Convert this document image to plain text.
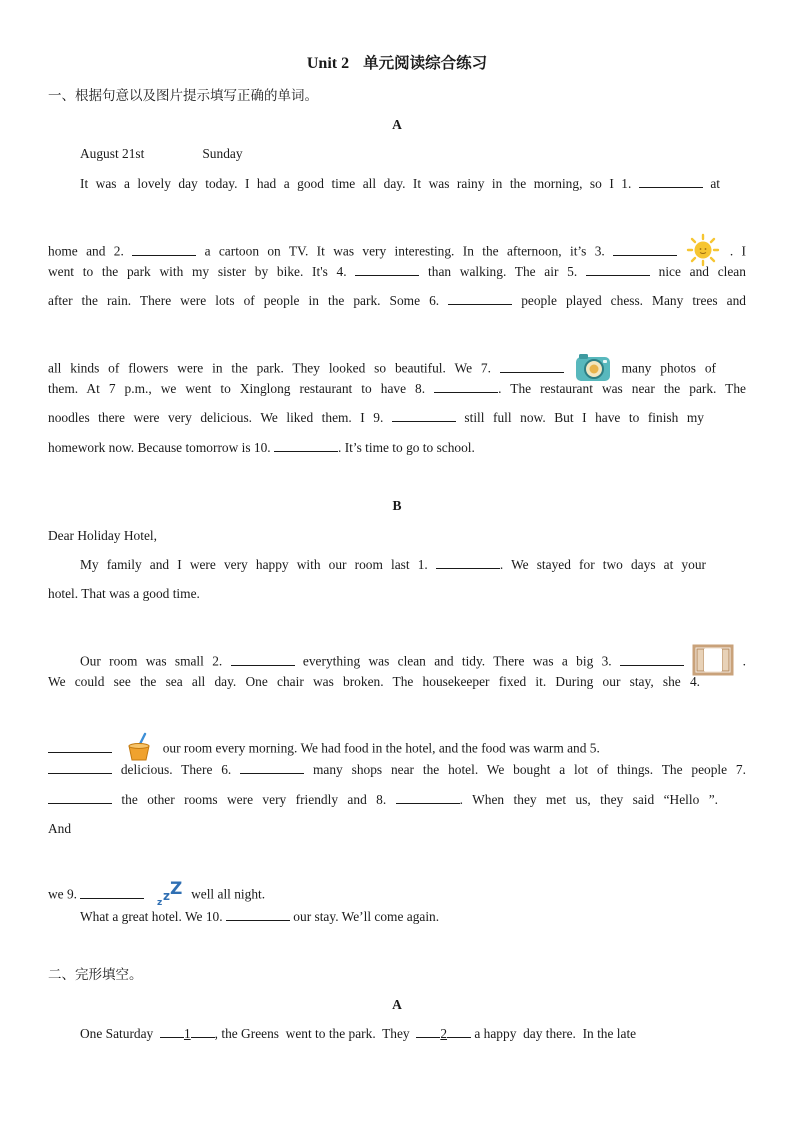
Unit 2 单元阅读综合练习
一、根据句意以及图片提示填写正确的单词。
A
August 21st	Sunday
It was a lovely day today. I had a good time all day. It was rainy in the morning, so I 1.	at
home and 2.	a cartoon on TV. It was very interesting. In the afternoon, it’s 3.	. I
went to the park with my sister by bike. It's 4.	than walking. The air 5.	nice and clean
after the rain. There were lots of people in the park. Some 6.	people played chess. Many trees and
all kinds of flowers were in the park. They looked so beautiful. We 7.	many photos of
them. At 7 p.m., we went to Xinglong restaurant to have 8.	. The restaurant was near the park. The
noodles there were very delicious. We liked them. I 9.	still full now. But I have to finish my
homework now. Because tomorrow is 10.	. It’s time to go to school.
B
Dear Holiday Hotel,
My family and I were very happy with our room last 1.	. We stayed for two days at your
hotel. That was a good time.
Our room was small 2.	everything was clean and tidy. There was a big 3.	.
We could see the sea all day. One chair was broken. The housekeeper fixed it. During our stay, she 4.
our room every morning. We had food in the hotel, and the food was warm and 5.
delicious. There 6.	many shops near the hotel. We bought a lot of things. The people 7.
the other rooms were very friendly and 8.	. When they met us, they said “Hello ”.
And
we 9.
z z Z well all night.
What a great hotel. We 10.	our stay. We’ll come again.
二、完形填空。
A
One Saturday  1 , the Greens  went to the park.  They  2 a happy  day there.  In the late
